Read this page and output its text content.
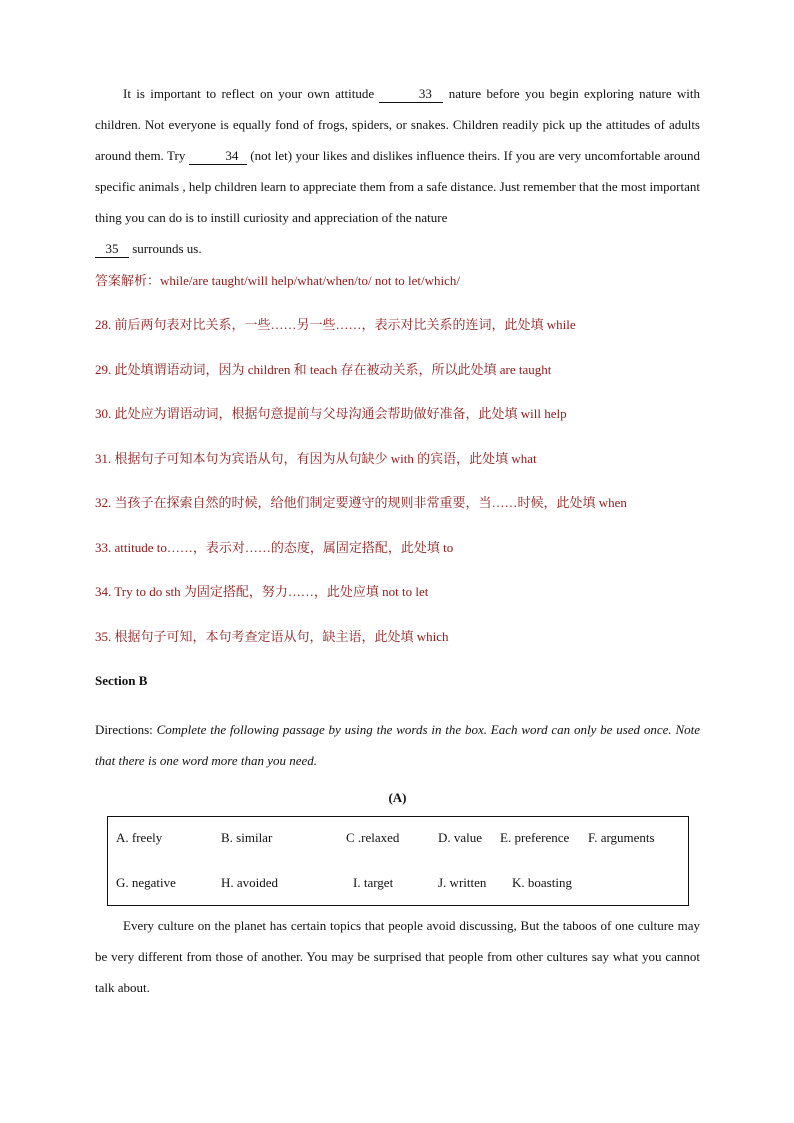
It is important to reflect on your own attitude	33 nature before you begin exploring nature with children. Not everyone is equally fond of frogs, spiders, or snakes. Children readily pick up the attitudes of adults around them. Try	34 (not let) your likes and dislikes influence theirs. If you are very uncomfortable around specific animals , help children learn to appreciate them from a safe distance. Just remember that the most important thing you can do is to instill curiosity and appreciation of the nature
35 surrounds us.

答案解析：while/are taught/will help/what/when/to/ not to let/which/

28. 前后两句表对比关系，一些……另一些……，表示对比关系的连词，此处填 while

29. 此处填谓语动词，因为 children 和 teach 存在被动关系，所以此处填 are taught

30. 此处应为谓语动词，根据句意提前与父母沟通会帮助做好准备，此处填 will help

31. 根据句子可知本句为宾语从句，有因为从句缺少 with 的宾语，此处填 what

32. 当孩子在探索自然的时候，给他们制定要遵守的规则非常重要，当……时候，此处填 when

33. attitude to……，表示对……的态度，属固定搭配，此处填 to

34. Try to do sth 为固定搭配，努力……，此处应填 not to let

35. 根据句子可知，本句考查定语从句，缺主语，此处填 which

Section B

Directions: Complete the following passage by using the words in the box. Each word can only be used once. Note that there is one word more than you need.

(A)
A. freely	B. similar	C .relaxed	D. value E. preference F. arguments
G. negative	H. avoided	I. target	J. written K. boasting

Every culture on the planet has certain topics that people avoid discussing, But the taboos of one culture may be very different from those of another. You may be surprised that people from other cultures say what you cannot talk about.
